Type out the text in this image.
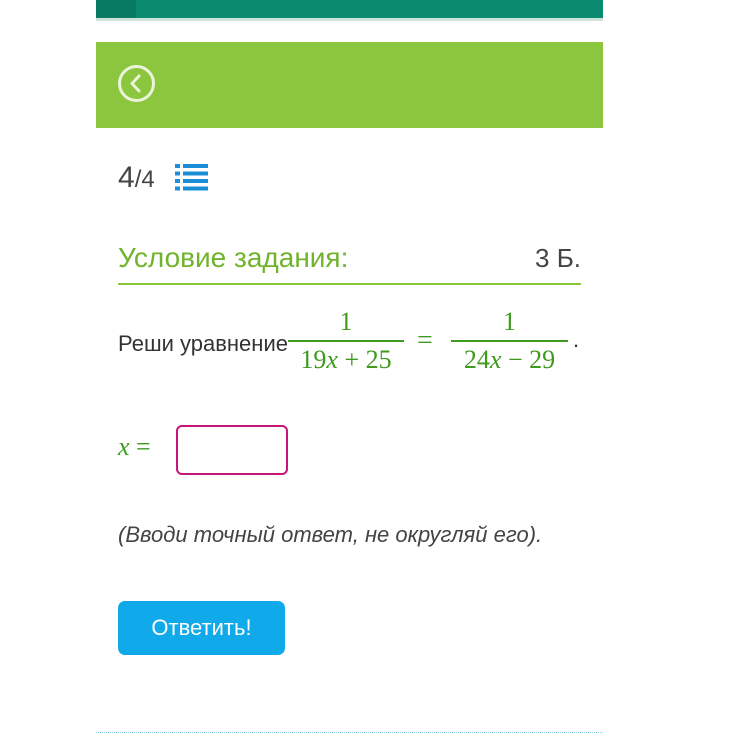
4/4
Условие задания:	3 Б.
Реши уравнение
1
19x + 25
=
1
24x − 29
.
x =
(Вводи точный ответ, не округляй его).
Ответить!
